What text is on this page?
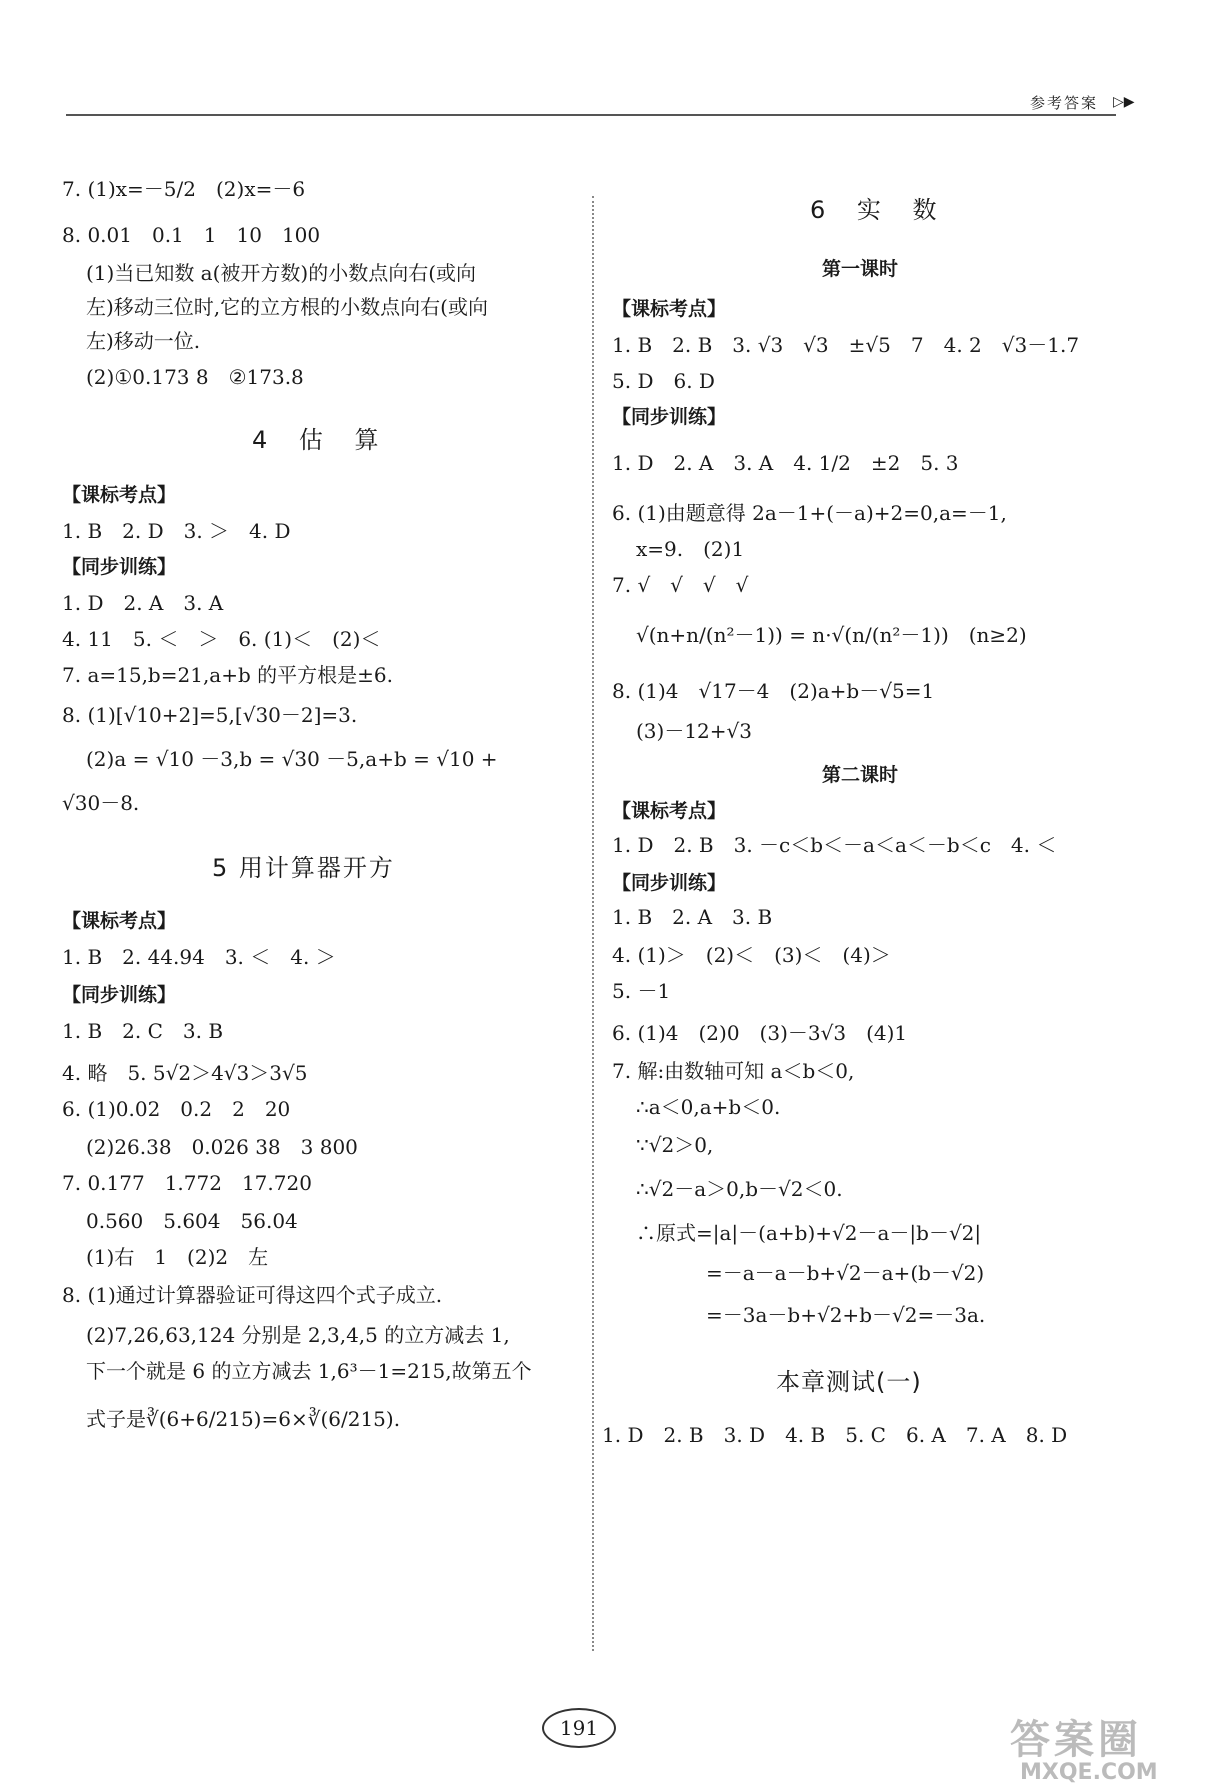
参考答案 ▷▶
7. (1)x=－5/2　(2)x=－6
8. 0.01　0.1　1　10　100
(1)当已知数 a(被开方数)的小数点向右(或向
左)移动三位时,它的立方根的小数点向右(或向
左)移动一位.
(2)①0.173 8　②173.8
4 估 算
【课标考点】
1. B　2. D　3. ＞　4. D
【同步训练】
1. D　2. A　3. A
4. 11　5. ＜　＞　6. (1)＜　(2)＜
7. a=15,b=21,a+b 的平方根是±6.
8. (1)[√10+2]=5,[√30－2]=3.
(2)a = √10 －3,b = √30 －5,a+b = √10 +
√30－8.
5 用计算器开方
【课标考点】
1. B　2. 44.94　3. ＜　4. ＞
【同步训练】
1. B　2. C　3. B
4. 略　5. 5√2＞4√3＞3√5
6. (1)0.02　0.2　2　20
(2)26.38　0.026 38　3 800
7. 0.177　1.772　17.720
0.560　5.604　56.04
(1)右　1　(2)2　左
8. (1)通过计算器验证可得这四个式子成立.
(2)7,26,63,124 分别是 2,3,4,5 的立方减去 1,
下一个就是 6 的立方减去 1,6³－1=215,故第五个
式子是∛(6+6/215)=6×∛(6/215).
6 实 数
第一课时
【课标考点】
1. B　2. B　3. √3　√3　±√5　7　4. 2　√3－1.7
5. D　6. D
【同步训练】
1. D　2. A　3. A　4. 1/2　±2　5. 3
6. (1)由题意得 2a－1+(－a)+2=0,a=－1,
x=9.　(2)1
7. √　√　√　√
√(n+n/(n²－1)) = n·√(n/(n²－1))　(n≥2)
8. (1)4　√17－4　(2)a+b－√5=1
(3)－12+√3
第二课时
【课标考点】
1. D　2. B　3. －c＜b＜－a＜a＜－b＜c　4. ＜
【同步训练】
1. B　2. A　3. B
4. (1)＞　(2)＜　(3)＜　(4)＞
5. －1
6. (1)4　(2)0　(3)－3√3　(4)1
7. 解:由数轴可知 a＜b＜0,
∴a＜0,a+b＜0.
∵√2＞0,
∴√2－a＞0,b－√2＜0.
∴原式=|a|－(a+b)+√2－a－|b－√2|
=－a－a－b+√2－a+(b－√2)
=－3a－b+√2+b－√2=－3a.
本章测试(一)
1. D　2. B　3. D　4. B　5. C　6. A　7. A　8. D
191	答案圈
MXQE.COM
